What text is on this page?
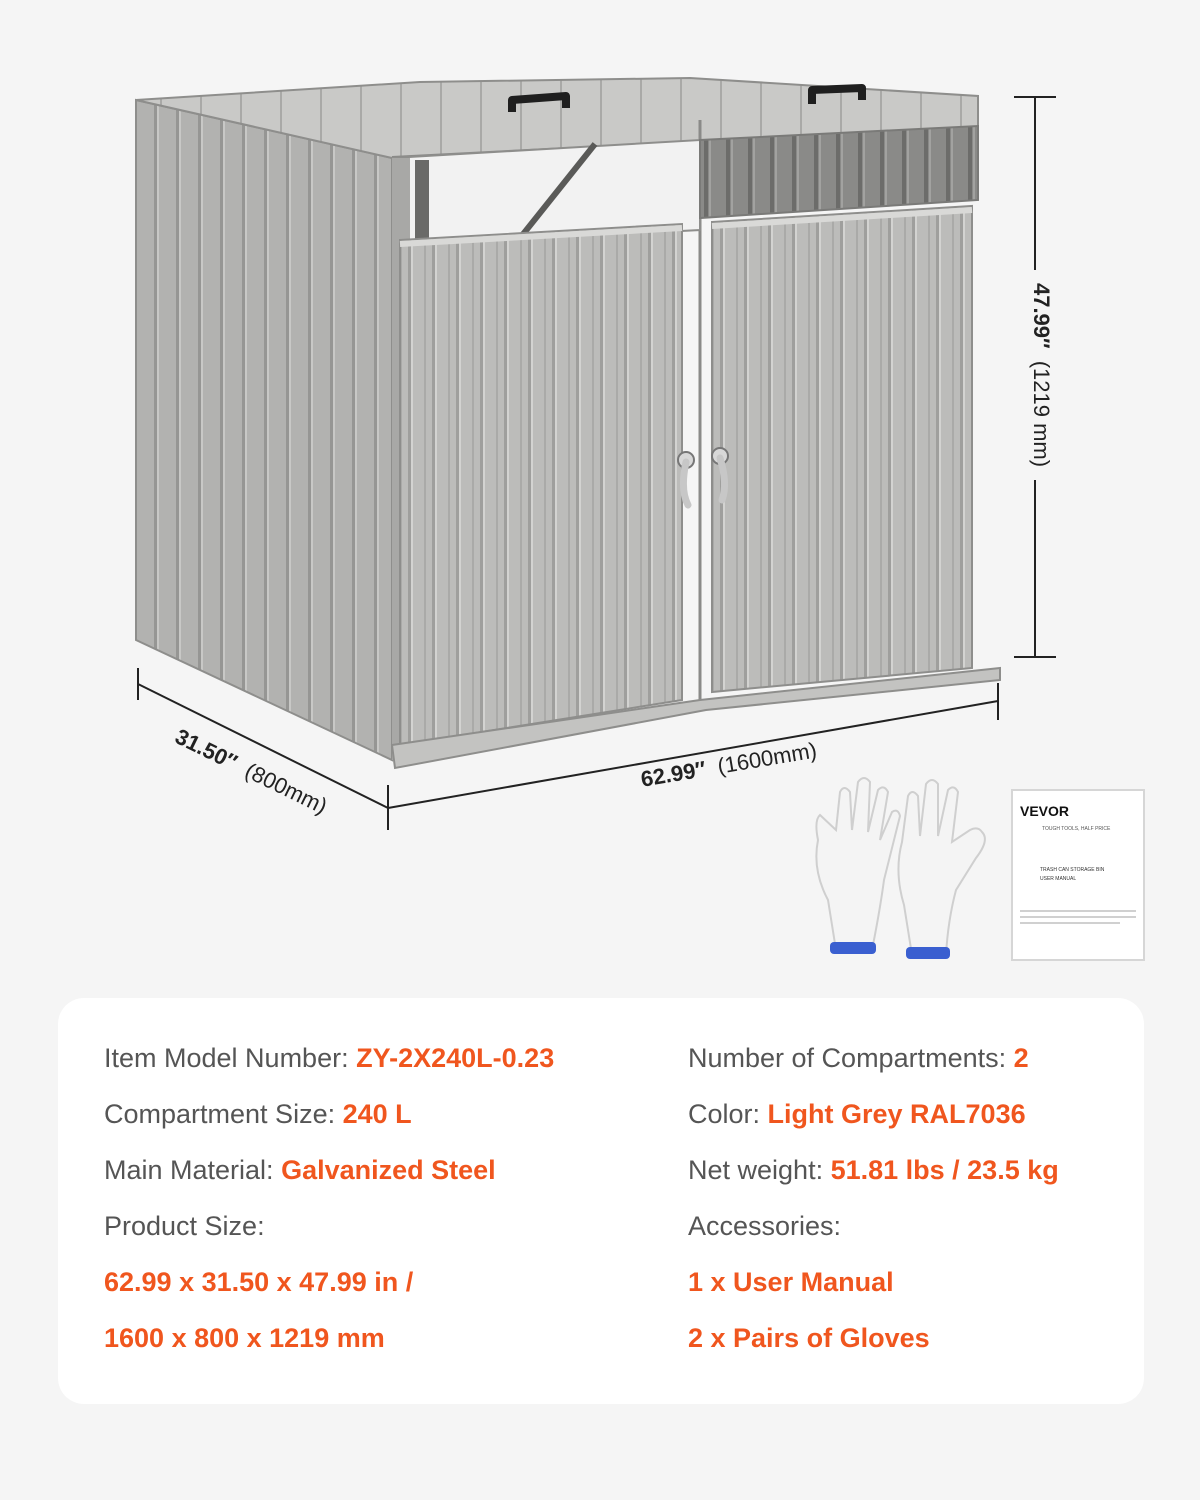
47.99″ (1219 mm)
62.99″ (1600mm)
31.50″ (800mm)	VEVOR
TOUGH TOOLS, HALF PRICE
TRASH CAN STORAGE BIN
USER MANUAL
Item Model Number: ZY-2X240L-0.23
Compartment Size: 240 L
Main Material: Galvanized Steel
Product Size:
62.99 x 31.50 x 47.99 in /
1600 x 800 x 1219 mm
Number of Compartments: 2
Color: Light Grey RAL7036
Net weight: 51.81 lbs / 23.5 kg
Accessories:
1 x User Manual
2 x Pairs of Gloves
